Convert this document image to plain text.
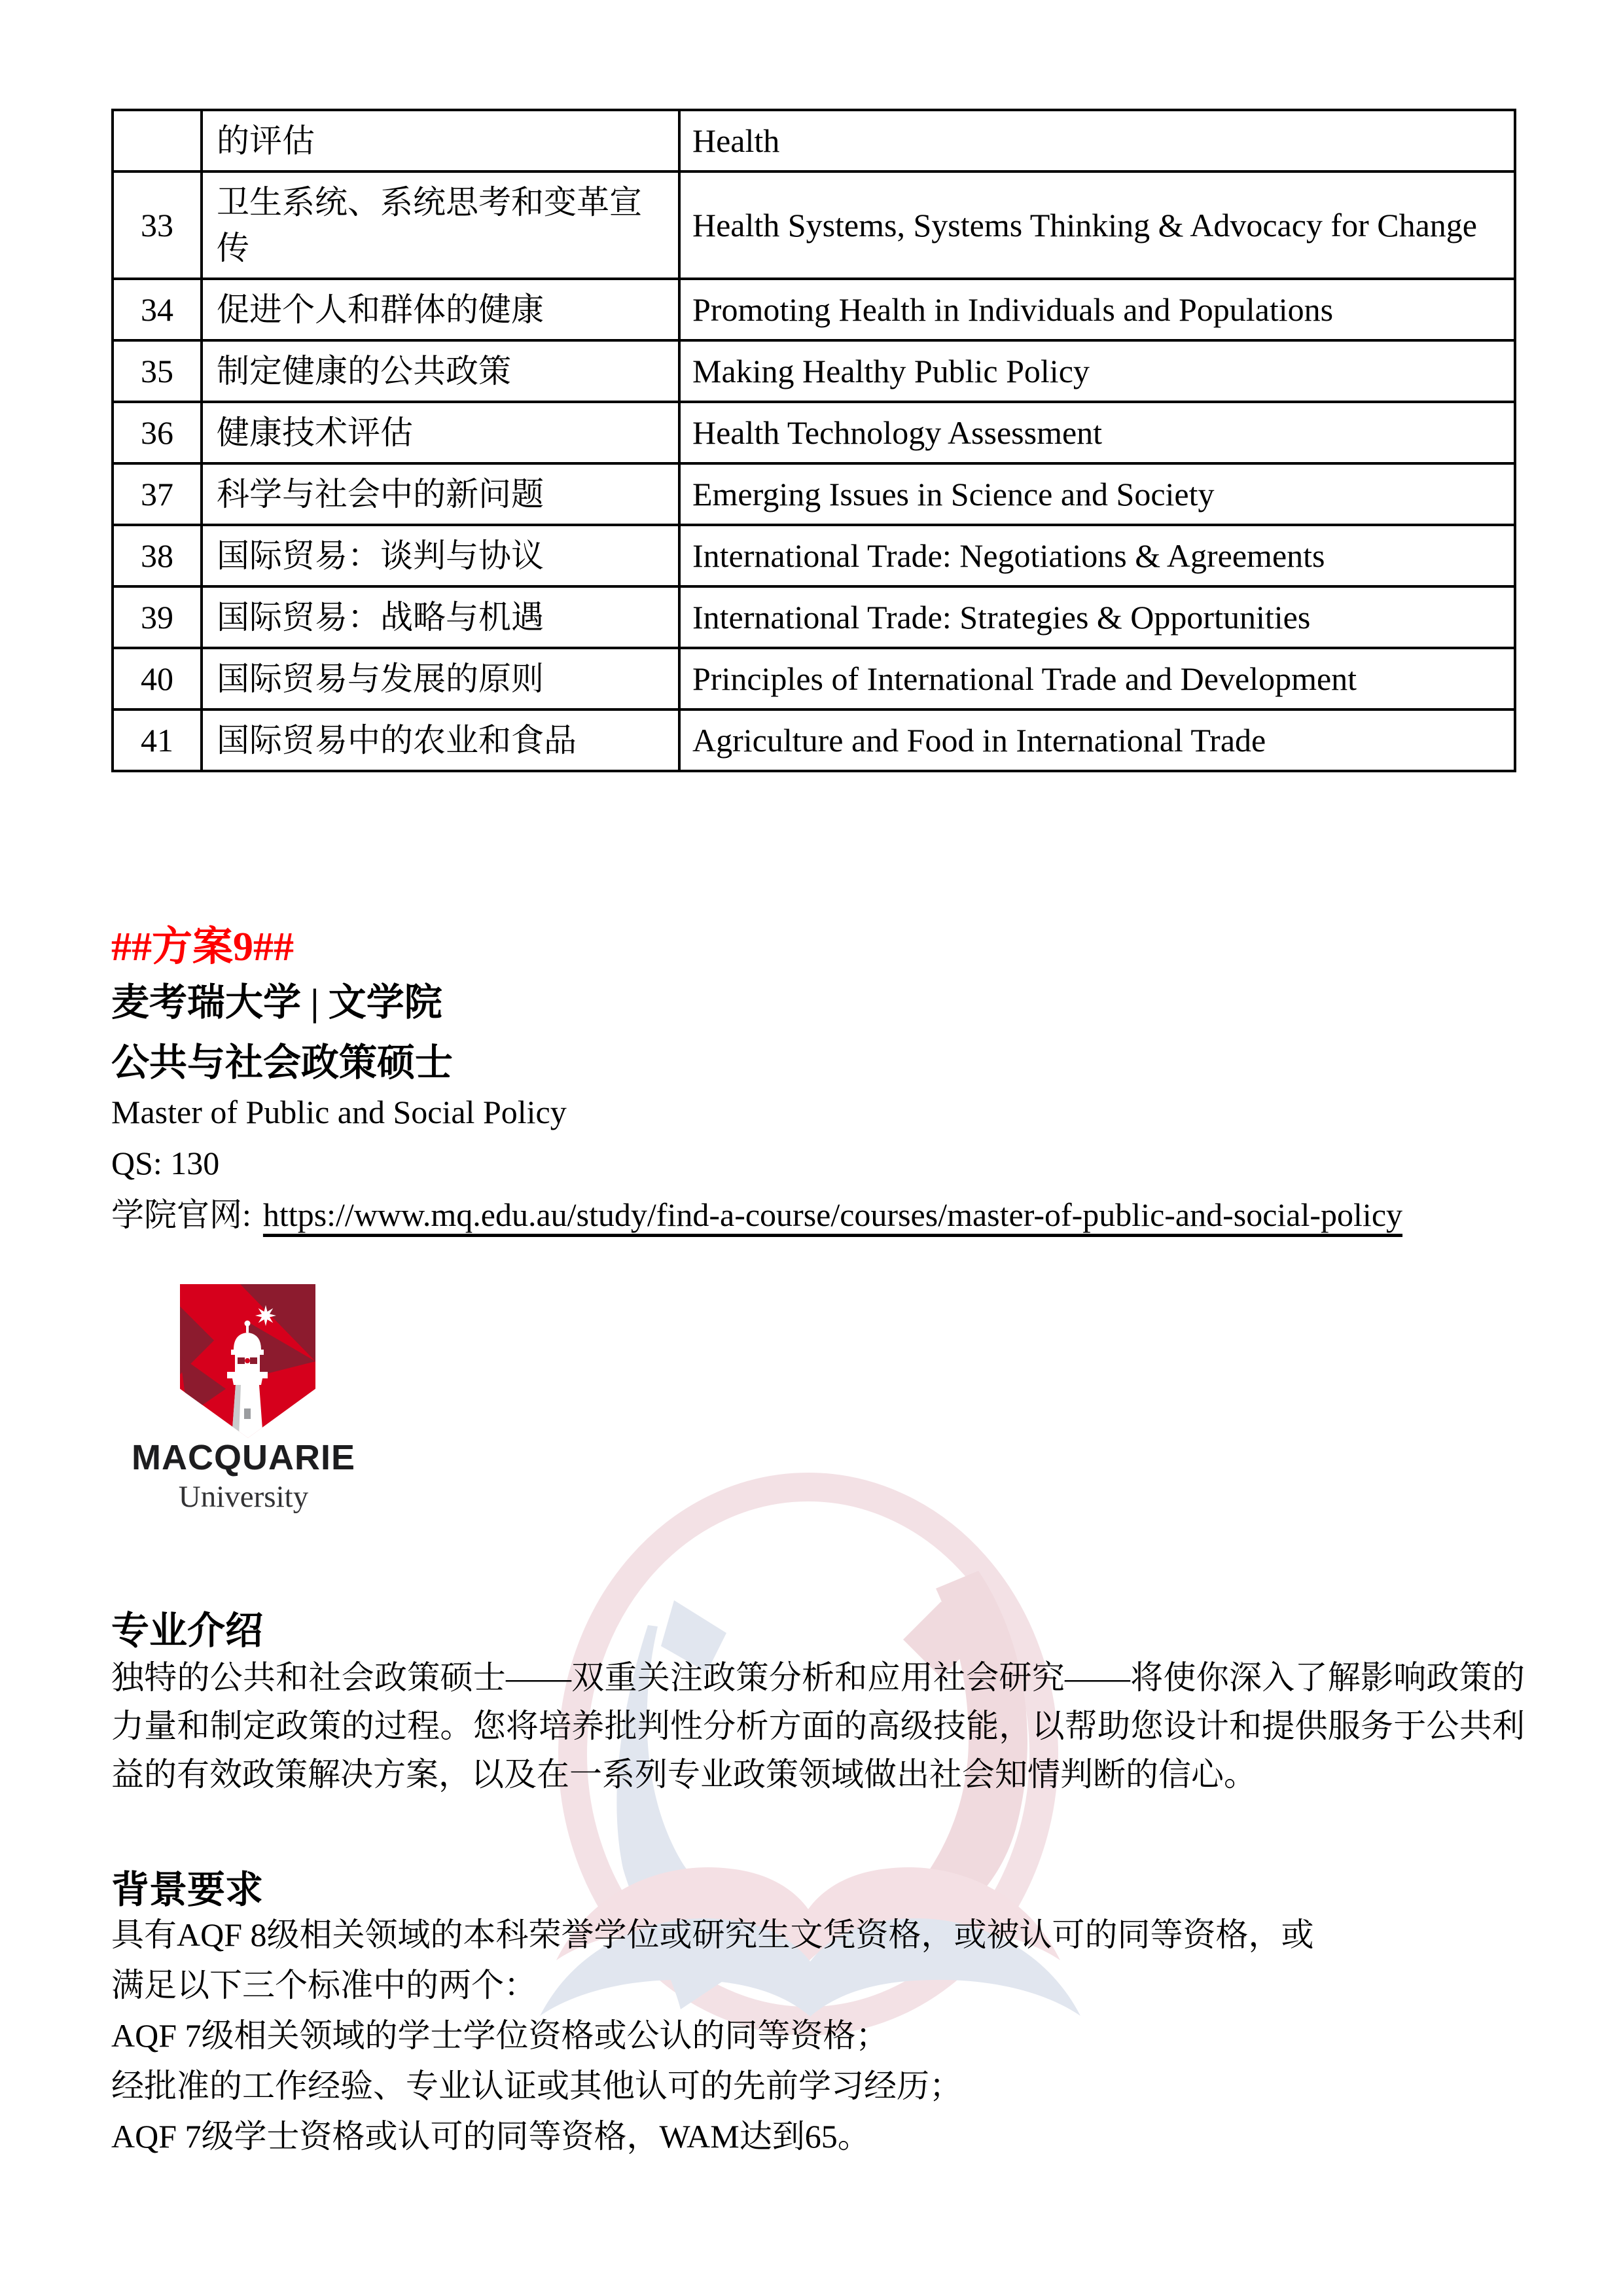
	的评估	Health
33	卫生系统、系统思考和变革宣传	Health Systems, Systems Thinking & Advocacy for Change
34	促进个人和群体的健康	Promoting Health in Individuals and Populations
35	制定健康的公共政策	Making Healthy Public Policy
36	健康技术评估	Health Technology Assessment
37	科学与社会中的新问题	Emerging Issues in Science and Society
38	国际贸易：谈判与协议	International Trade: Negotiations & Agreements
39	国际贸易：战略与机遇	International Trade: Strategies & Opportunities
40	国际贸易与发展的原则	Principles of International Trade and Development
41	国际贸易中的农业和食品	Agriculture and Food in International Trade
##方案9##
麦考瑞大学 | 文学院
公共与社会政策硕士
Master of Public and Social Policy
QS: 130
学院官网: https://www.mq.edu.au/study/find-a-course/courses/master-of-public-and-social-policy
MACQUARIE
University
专业介绍
独特的公共和社会政策硕士——双重关注政策分析和应用社会研究——将使你深入了解影响政策的力量和制定政策的过程。您将培养批判性分析方面的高级技能，以帮助您设计和提供服务于公共利益的有效政策解决方案，以及在一系列专业政策领域做出社会知情判断的信心。
背景要求
具有AQF 8级相关领域的本科荣誉学位或研究生文凭资格，或被认可的同等资格，或
满足以下三个标准中的两个：
AQF 7级相关领域的学士学位资格或公认的同等资格；
经批准的工作经验、专业认证或其他认可的先前学习经历；
AQF 7级学士资格或认可的同等资格，WAM达到65。
